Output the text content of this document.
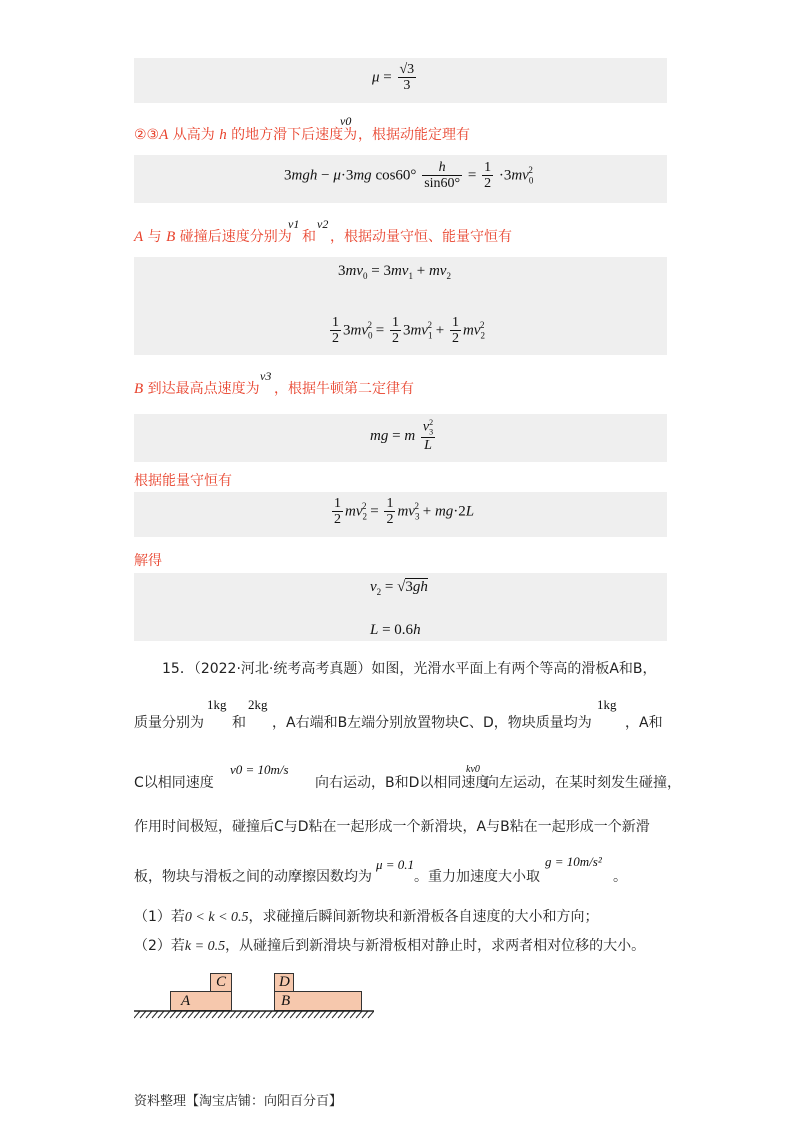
$\mu = \frac{√3}{3}$
②③A 从高为 h 的地方滑下后速度为
v0
，根据动能定理有
3mgh − μ·3mg $\cos 60^\circ \frac{h}{\sin 60^\circ} = \frac{1}{2} \cdot 3mv_0^2$
A 与 B 碰撞后速度分别为
v1
和
v2
，根据动量守恒、能量守恒有
$3mv_0 = 3mv_1 + mv_2$
$\frac{1}{2} 3mv_0^2 = \frac{1}{2} 3mv_1^2 + \frac{1}{2} mv_2^2$
B 到达最高点速度为
v3
，根据牛顿第二定律有
mg = m $\frac{v_3^2}{L}$
根据能量守恒有
$\frac{1}{2} mv_2^2 = \frac{1}{2} mv_3^2 + mg\cdot 2L$
解得
$v_2 = √3gh$
L = 0.6h
15．（2022·河北·统考高考真题）如图，光滑水平面上有两个等高的滑板A和B，
质量分别为
1kg
和
2kg
，A右端和B左端分别放置物块C、D，物块质量均为
1kg
，A和
C以相同速度
v0 = 10m/s
向右运动，B和D以相同速度
kv0
向左运动，在某时刻发生碰撞，
作用时间极短，碰撞后C与D粘在一起形成一个新滑块，A与B粘在一起形成一个新滑
板，物块与滑板之间的动摩擦因数均为
μ = 0.1
。重力加速度大小取
g = 10m/s²
。
（1）若0 < k < 0.5，求碰撞后瞬间新物块和新滑板各自速度的大小和方向；
（2）若k = 0.5，从碰撞后到新滑块与新滑板相对静止时，求两者相对位移的大小。
C
A
D
B
资料整理【淘宝店铺：向阳百分百】
